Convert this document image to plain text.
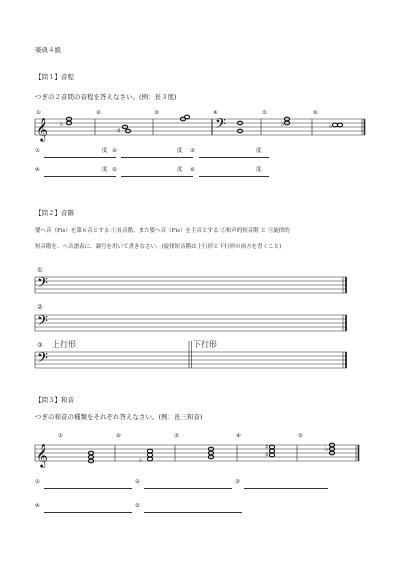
楽典４級
【問１】音程
つぎの２音間の音程を答えなさい。(例：長３度)
①	②	③	④	⑤	⑥
𝄞	𝄢
♭
♯
♭	♭
①	度 ②	度 ③	度
④	度 ⑤	度 ⑥	度
【問２】音階
嬰ヘ音（Fis）を第６音とする ①長音階、また嬰ヘ音（Fis）を主音とする ②和声的短音階 と ③旋律的
短音階を、ヘ音譜表に、調号を用いて書きなさい。(旋律短音階は上行形と下行形の両方を書くこと)
①
𝄢
②
𝄢
③ 上行形	下行形
𝄢
【問３】和音
つぎの和音の種類をそれぞれ答えなさい。(例：長三和音)
①	②	③	④	⑤
𝄞	♭
♯
♯	♭
①	②	③
④	⑤
